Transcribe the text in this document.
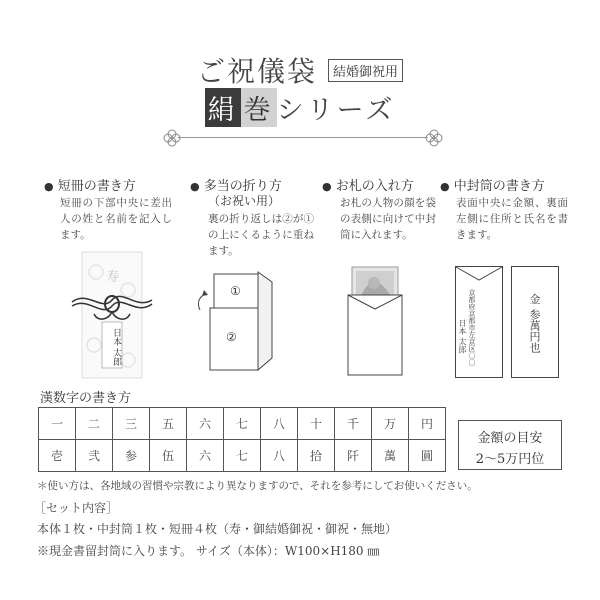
ご祝儀袋 結婚御祝用
絹 巻 シリーズ
● 短冊の書き方
短冊の下部中央に差出人の姓と名前を記入します。
● 多当の折り方
（お祝い用）
裏の折り返しは②が①の上にくるように重ねます。
● お札の入れ方
お札の人物の顔を袋の表側に向けて中封筒に入れます。
● 中封筒の書き方
表面中央に金額、裏面左側に住所と氏名を書きます。
寿
日本
太郎
①
②	京都府京都市左京区〇〇
日本 太郎
金
参萬円也
漢数字の書き方
一	二	三	五	六	七	八	十	千	万	円
壱	弐	参	伍	六	七	八	拾	阡	萬	圓
金額の目安
2～5万円位
＊使い方は、各地域の習慣や宗教により異なりますので、それを参考にしてお使いください。
［セット内容］
本体１枚・中封筒１枚・短冊４枚（寿・御結婚御祝・御祝・無地）
※現金書留封筒に入ります。 サイズ（本体）：W100×H180 ㎜
